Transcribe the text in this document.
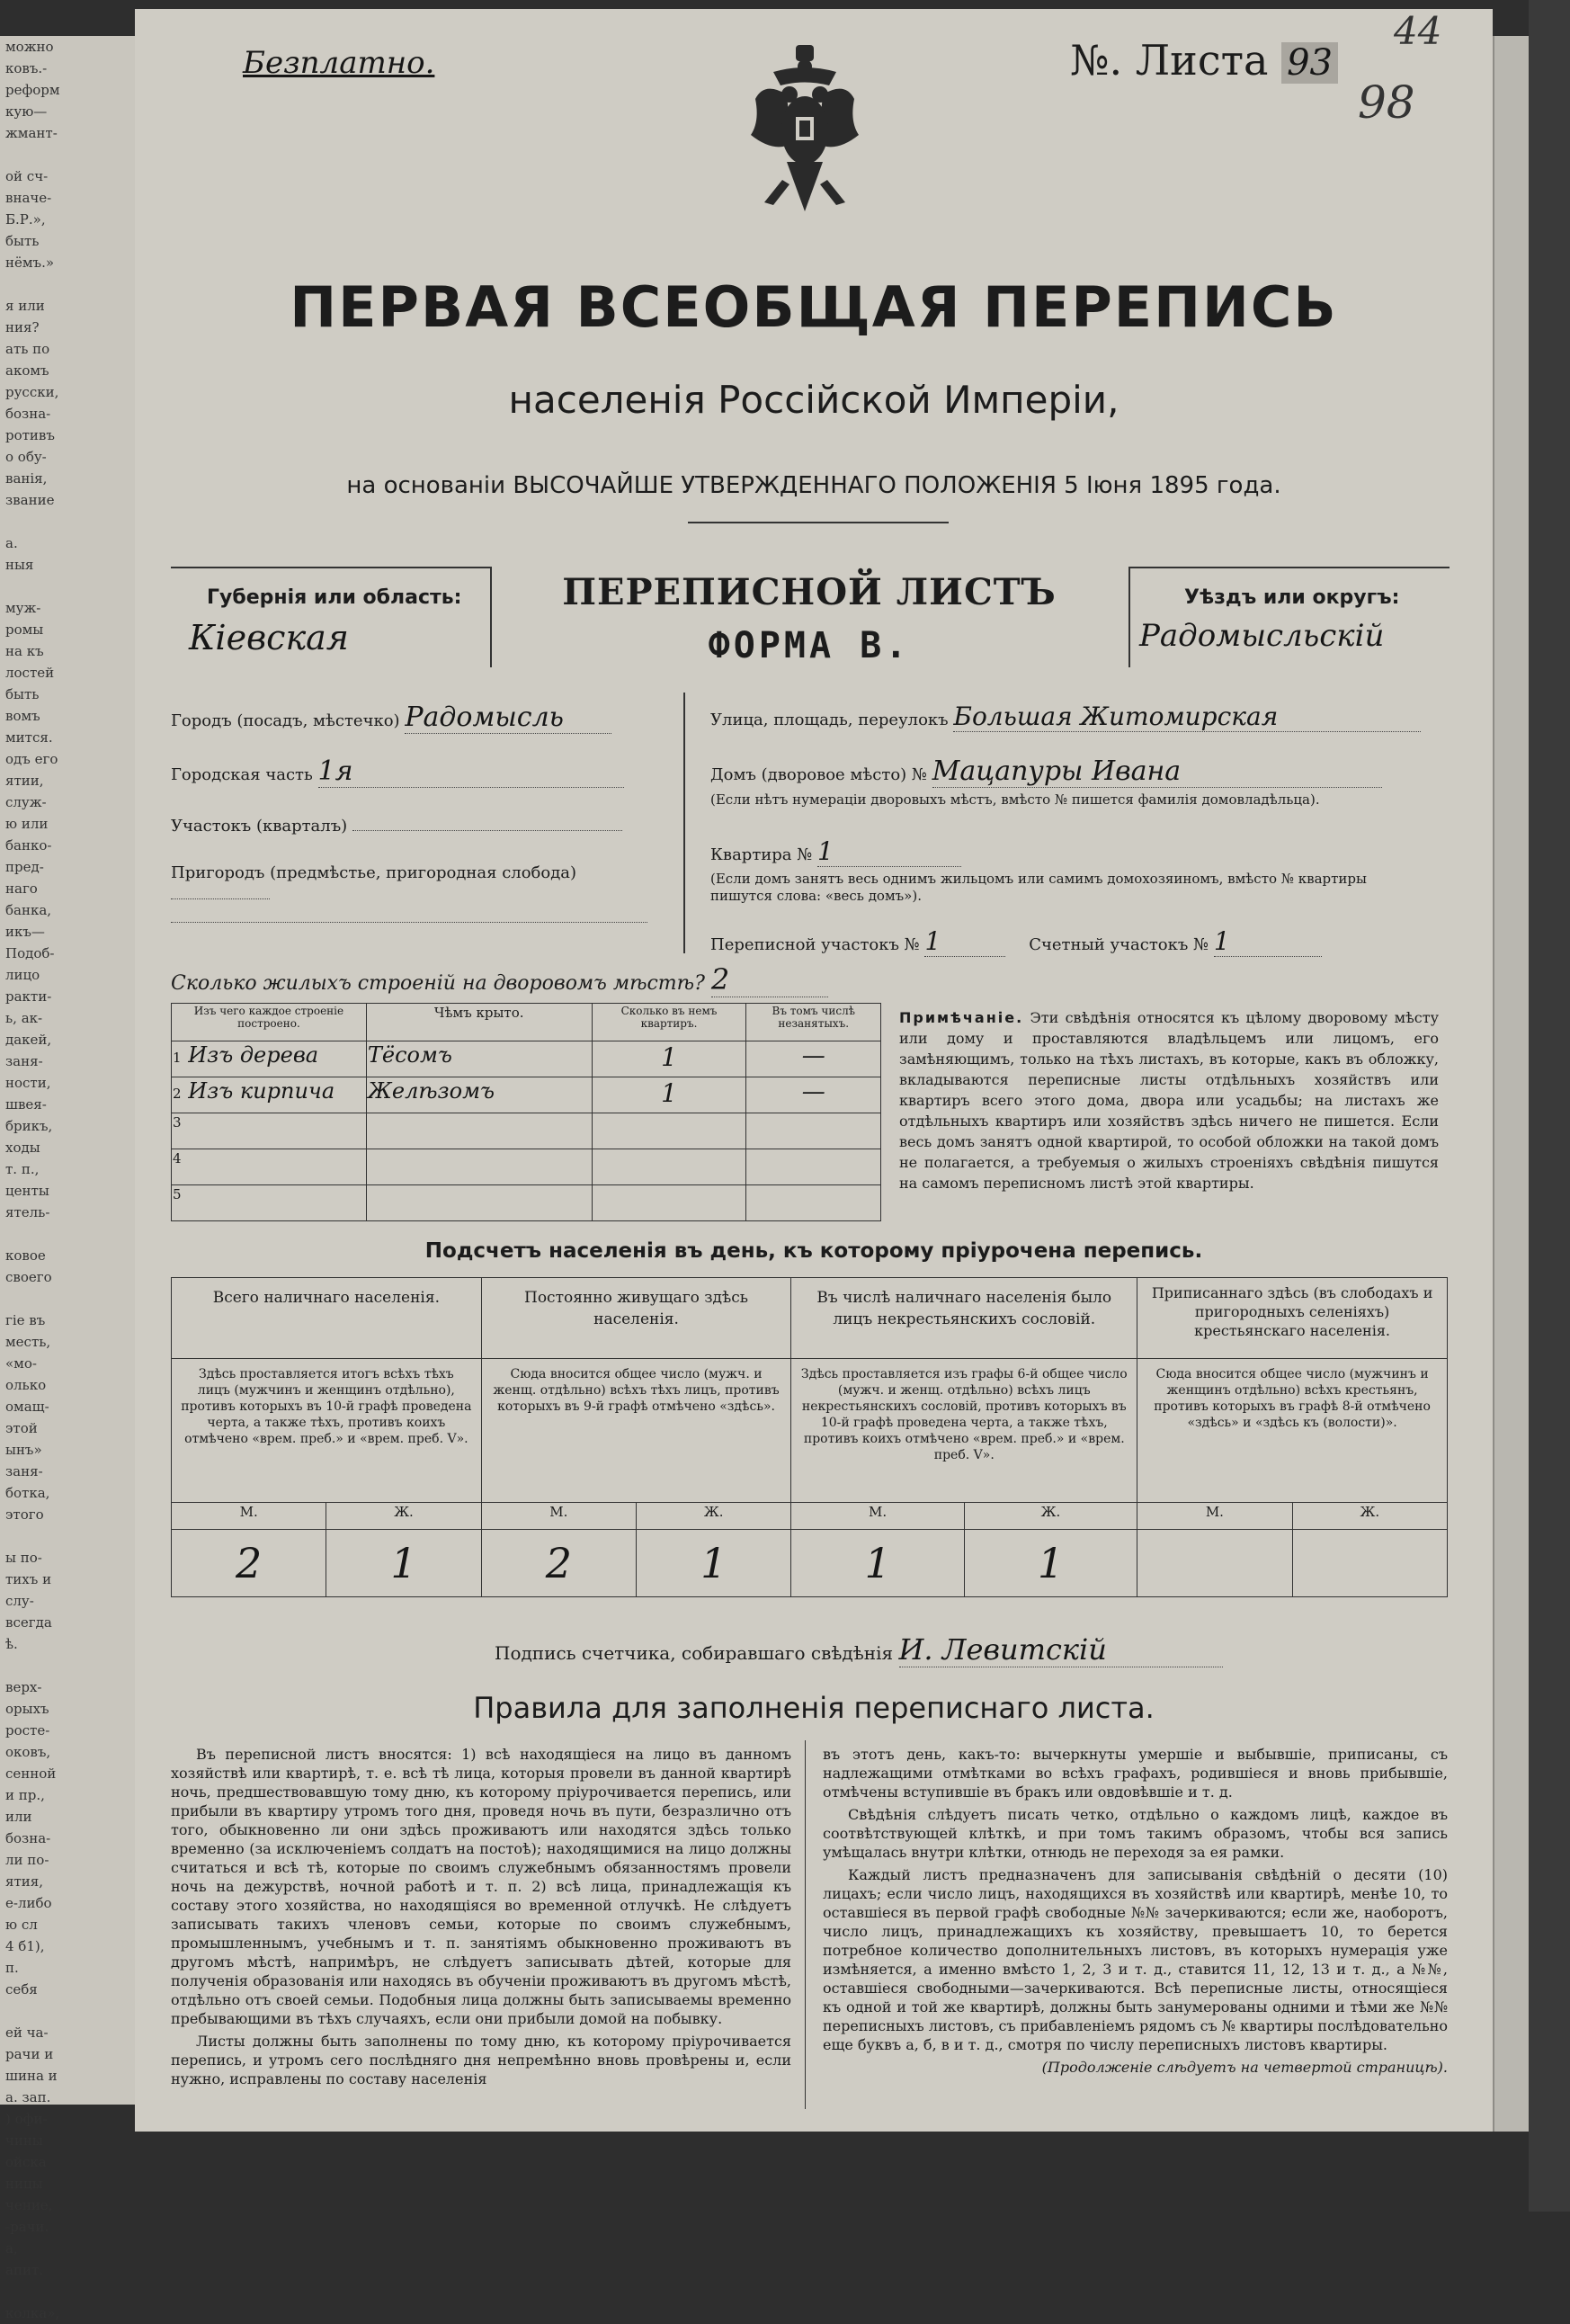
можно
ковъ.-
реформ
кую—
жмант-

ой сч-
вначе-
Б.Р.»,
быть
нёмъ.»

я или
ния?
ать по
акомъ
русски,
бозна-
ротивъ
о обу-
ванія,
звание

а.
ныя

муж-
ромы
на къ
лостей
быть
вомъ
мится.
одъ его
ятии,
служ-
ю или
банко-
пред-
нагo
банка,
икъ—
Подоб-
лицо
ракти-
ь, ак-
дакей,
заня-
ности,
швея-
брикъ,
ходы
т. п.,
центы
ятель-

ковое
своего

гіе въ
месть,
«мо-
олько
омащ-
этой
ынъ»
заня-
ботка,
этого

ы по-
тихъ и
слу-
всегда
ѣ.

верх-
орыхъ
росте-
оковъ,
сенной
и пр.,
или
бозна-
ли по-
ятия,
е-либо
ю сл
4 б1),
п.
себя

ей ча-
рачи и
шина и
а. зап.
) офи-
чины
ойска
ницы
чение,
-рачи.
а,
апит.

колка»,
Безплатно.	№. Листа 93
44
98
ПЕРВАЯ ВСЕОБЩАЯ ПЕРЕПИСЬ
населенія Россійской Имперіи,
на основаніи ВЫСОЧАЙШЕ УТВЕРЖДЕННАГО ПОЛОЖЕНІЯ 5 Іюня 1895 года.
Губернія или область:
Кіевская
ПЕРЕПИСНОЙ ЛИСТЪ
ФОРМА В.
Уѣздъ или округъ:
Радомысльскій
Городъ (посадъ, мѣстечко) Радомысль
Городская часть 1я
Участокъ (кварталъ)
Пригородъ (предмѣстье, пригородная слобода)
Улица, площадь, переулокъ Большая Житомирская
Домъ (дворовое мѣсто) № Мацапуры Ивана
(Если нѣтъ нумераціи дворовыхъ мѣстъ, вмѣсто № пишется фамилія домовладѣльца).
Квартира № 1
(Если домъ занятъ весь однимъ жильцомъ или самимъ домохозяиномъ, вмѣсто № квартиры пишутся слова: «весь домъ»).
Переписной участокъ № 1	Счетный участокъ № 1
Сколько жилыхъ строеній на дворовомъ мѣстѣ? 2
Изъ чего каждое строеніе построено.	Чѣмъ крыто.	Сколько въ немъ квартиръ.	Въ томъ числѣ незанятыхъ.
1 Изъ дерева	Тёсомъ	1	—
2 Изъ кирпича	Желѣзомъ	1	—
3			
4			
5			
Примѣчаніе. Эти свѣдѣнія относятся къ цѣлому дворовому мѣсту или дому и проставляются владѣльцемъ или лицомъ, его замѣняющимъ, только на тѣхъ листахъ, въ которые, какъ въ обложку, вкладываются переписные листы отдѣльныхъ хозяйствъ или квартиръ всего этого дома, двора или усадьбы; на листахъ же отдѣльныхъ квартиръ или хозяйствъ здѣсь ничего не пишется. Если весь домъ занятъ одной квартирой, то особой обложки на такой домъ не полагается, а требуемыя о жилыхъ строеніяхъ свѣдѣнія пишутся на самомъ переписномъ листѣ этой квартиры.
Подсчетъ населенія въ день, къ которому пріурочена перепись.
Всего наличнаго населенія.		Постоянно живущаго здѣсь населенія.		Въ числѣ наличнаго населенія было лицъ некрестьянскихъ сословій.		Приписаннаго здѣсь (въ слободахъ и пригородныхъ селеніяхъ) крестьянскаго населенія.	
Здѣсь проставляется итогъ всѣхъ тѣхъ лицъ (мужчинъ и женщинъ отдѣльно), противъ которыхъ въ 10-й графѣ проведена черта, а также тѣхъ, противъ коихъ отмѣчено «врем. преб.» и «врем. преб. V».		Сюда вносится общее число (мужч. и женщ. отдѣльно) всѣхъ тѣхъ лицъ, противъ которыхъ въ 9-й графѣ отмѣчено «здѣсь».		Здѣсь проставляется изъ графы 6-й общее число (мужч. и женщ. отдѣльно) всѣхъ лицъ некрестьянскихъ сословій, противъ которыхъ въ 10-й графѣ проведена черта, а также тѣхъ, противъ коихъ отмѣчено «врем. преб.» и «врем. преб. V».		Сюда вносится общее число (мужчинъ и женщинъ отдѣльно) всѣхъ крестьянъ, противъ которыхъ въ графѣ 8-й отмѣчено «здѣсь» и «здѣсь къ (волости)».	
М.	Ж.	М.	Ж.	М.	Ж.	М.	Ж.
2	1	2	1	1	1		
Подпись счетчика, собиравшаго свѣдѣнія И. Левитскій
Правила для заполненія переписнаго листа.

Въ переписной листъ вносятся: 1) всѣ находящіеся на лицо въ данномъ хозяйствѣ или квартирѣ, т. е. всѣ тѣ лица, которыя провели въ данной квартирѣ ночь, предшествовавшую тому дню, къ которому пріурочивается перепись, или прибыли въ квартиру утромъ того дня, проведя ночь въ пути, безразлично отъ того, обыкновенно ли они здѣсь проживаютъ или находятся здѣсь только временно (за исключеніемъ солдатъ на постоѣ); находящимися на лицо должны считаться и всѣ тѣ, которые по своимъ служебнымъ обязанностямъ провели ночь на дежурствѣ, ночной работѣ и т. п. 2) всѣ лица, принадлежащія къ составу этого хозяйства, но находящіяся во временной отлучкѣ. Не слѣдуетъ записывать такихъ членовъ семьи, которые по своимъ служебнымъ, промышленнымъ, учебнымъ и т. п. занятіямъ обыкновенно проживаютъ въ другомъ мѣстѣ, напримѣръ, не слѣдуетъ записывать дѣтей, которые для полученія образованія или находясь въ обученіи проживаютъ въ другомъ мѣстѣ, отдѣльно отъ своей семьи. Подобныя лица должны быть записываемы временно пребывающими въ тѣхъ случаяхъ, если они прибыли домой на побывку.

Листы должны быть заполнены по тому дню, къ которому пріурочивается перепись, и утромъ сего послѣдняго дня непремѣнно вновь провѣрены и, если нужно, исправлены по составу населенія

въ этотъ день, какъ-то: вычеркнуты умершіе и выбывшіе, приписаны, съ надлежащими отмѣтками во всѣхъ графахъ, родившіеся и вновь прибывшіе, отмѣчены вступившіе въ бракъ или овдовѣвшіе и т. д.

Свѣдѣнія слѣдуетъ писать четко, отдѣльно о каждомъ лицѣ, каждое въ соотвѣтствующей клѣткѣ, и при томъ такимъ образомъ, чтобы вся запись умѣщалась внутри клѣтки, отнюдь не переходя за ея рамки.

Каждый листъ предназначенъ для записыванія свѣдѣній о десяти (10) лицахъ; если число лицъ, находящихся въ хозяйствѣ или квартирѣ, менѣе 10, то оставшіеся въ первой графѣ свободные №№ зачеркиваются; если же, наоборотъ, число лицъ, принадлежащихъ къ хозяйству, превышаетъ 10, то берется потребное количество дополнительныхъ листовъ, въ которыхъ нумерація уже измѣняется, а именно вмѣсто 1, 2, 3 и т. д., ставится 11, 12, 13 и т. д., а №№, оставшіеся свободными—зачеркиваются. Всѣ переписные листы, относящіеся къ одной и той же квартирѣ, должны быть занумерованы одними и тѣми же №№ переписныхъ листовъ, съ прибавленіемъ рядомъ съ № квартиры послѣдовательно еще буквъ а, б, в и т. д., смотря по числу переписныхъ листовъ квартиры.

(Продолженіе слѣдуетъ на четвертой страницѣ).
